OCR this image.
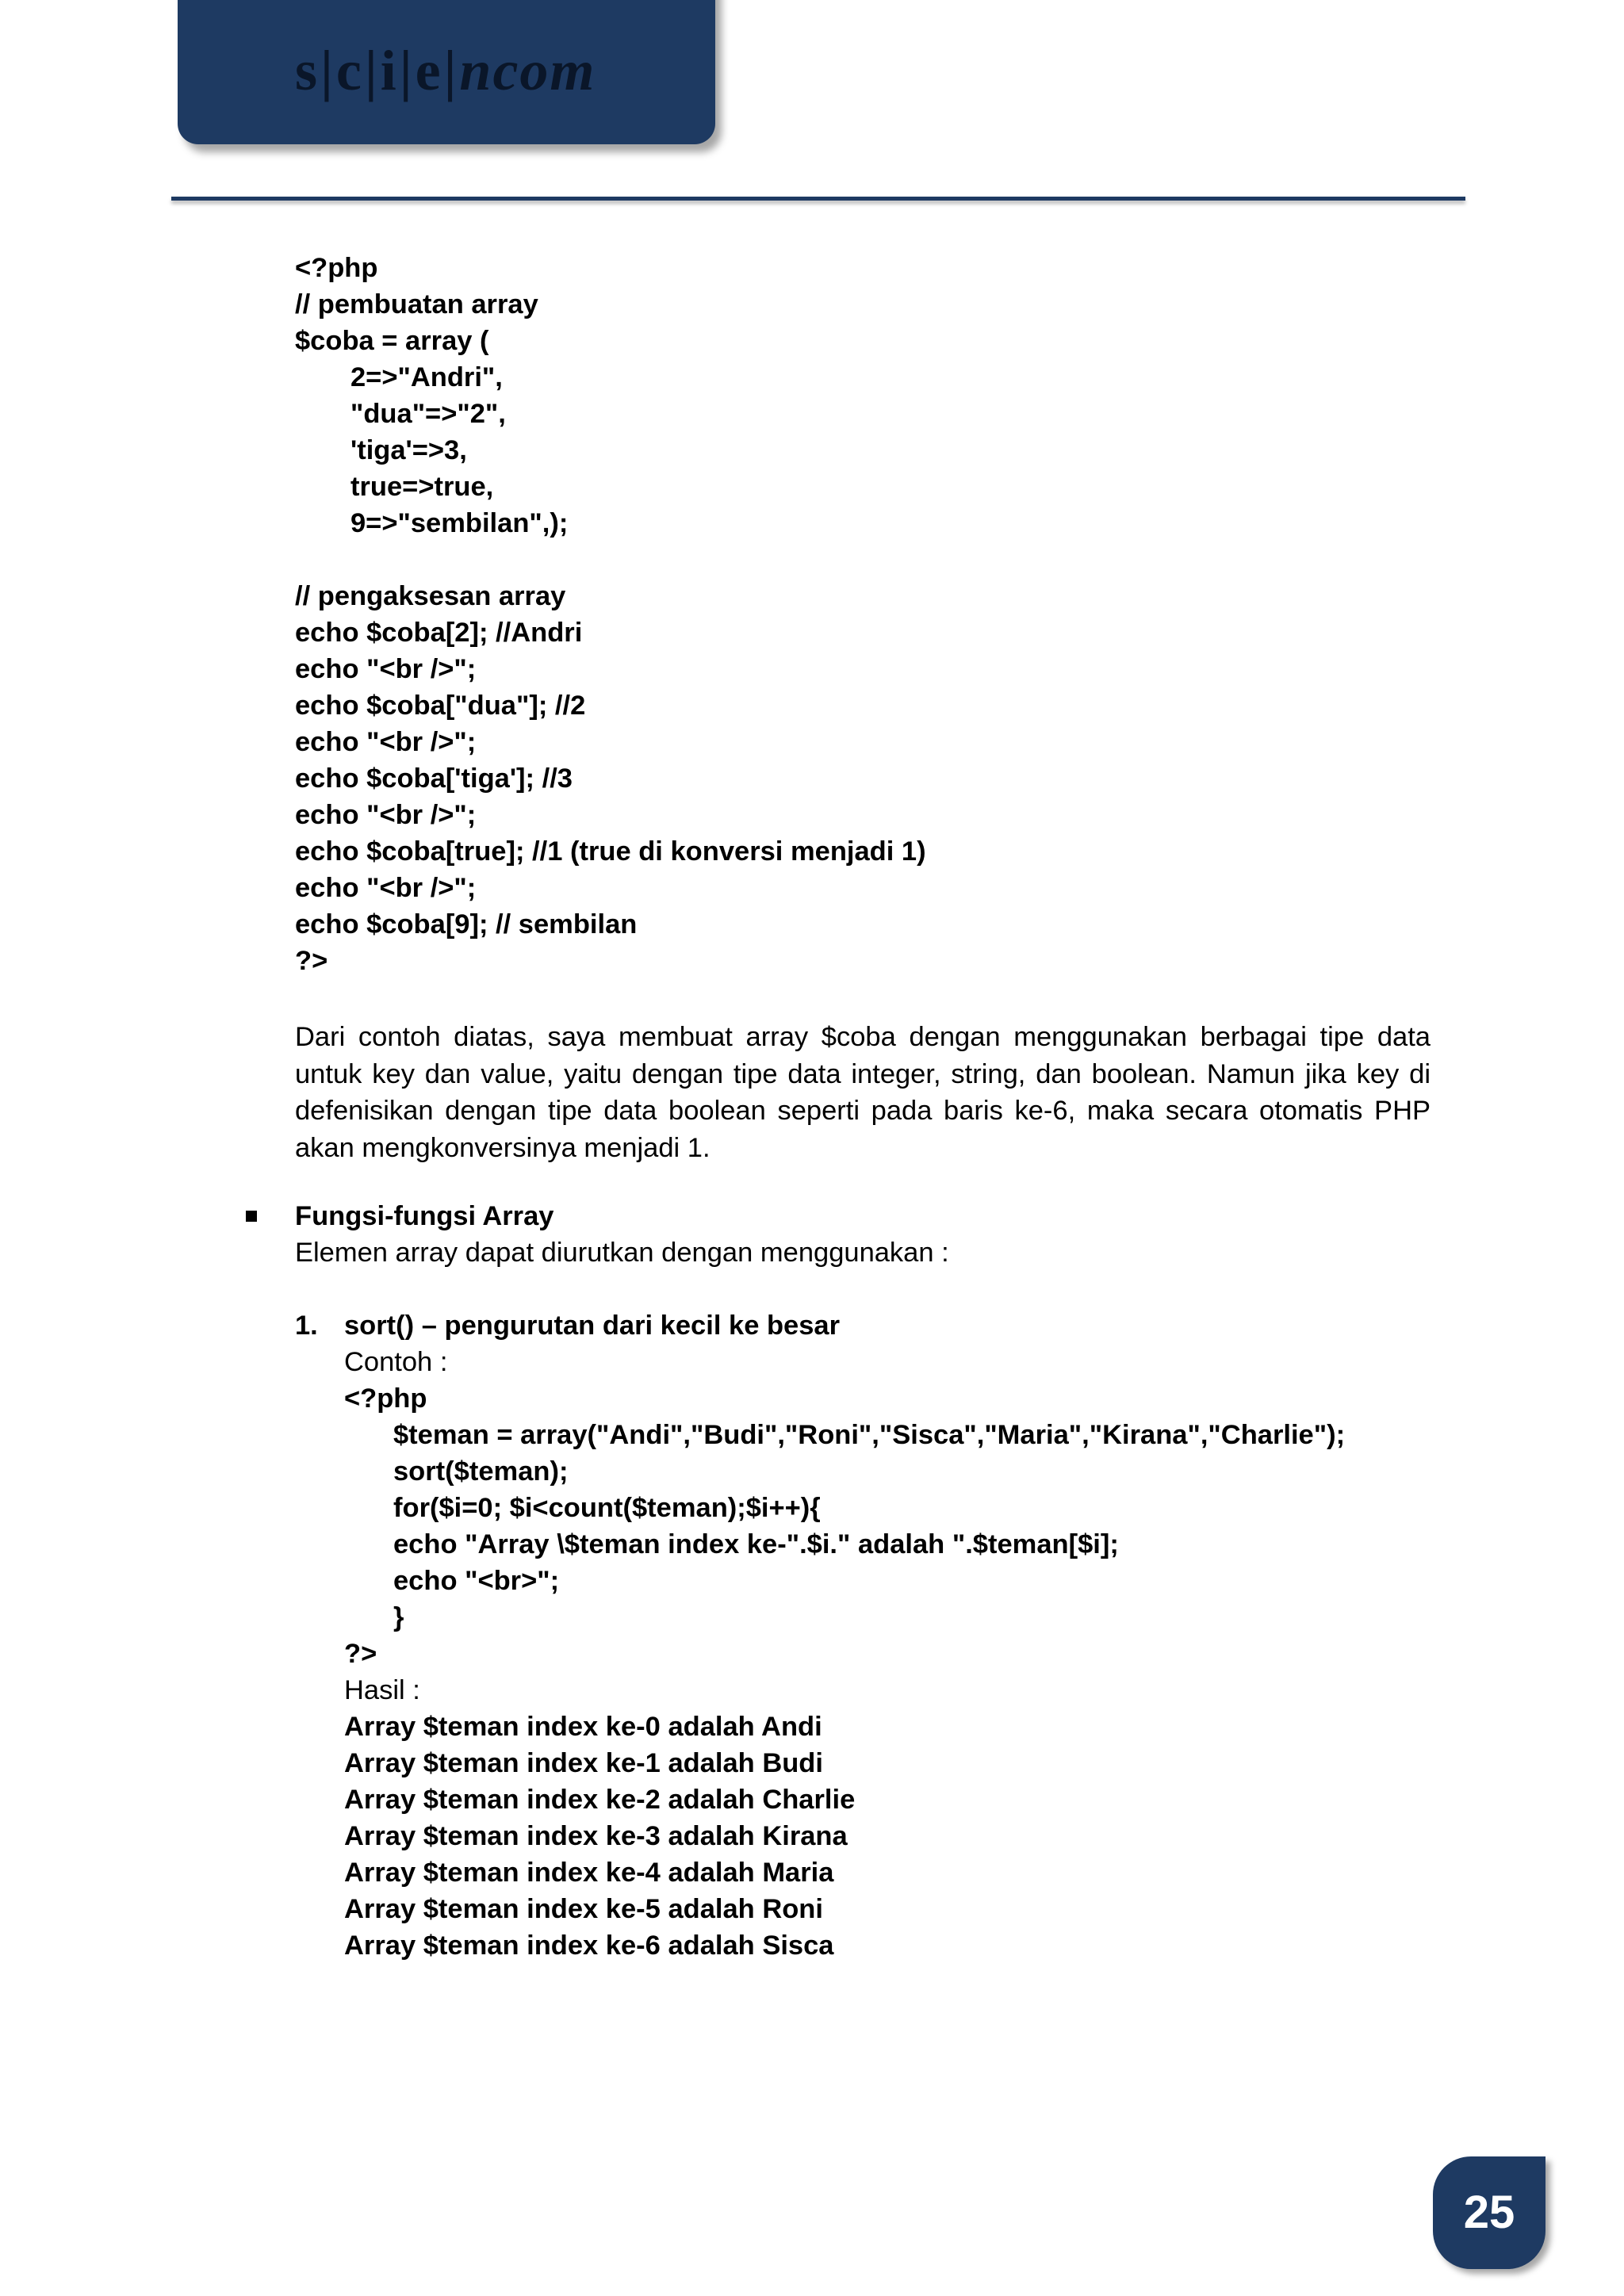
s|c|i|e|ncom

<?php

// pembuatan array

$coba = array (

2=>"Andri",

"dua"=>"2",

'tiga'=>3,

true=>true,

9=>"sembilan",);

// pengaksesan array

echo $coba[2]; //Andri

echo "<br />";

echo $coba["dua"]; //2

echo "<br />";

echo $coba['tiga']; //3

echo "<br />";

echo $coba[true]; //1 (true di konversi menjadi 1)

echo "<br />";

echo $coba[9]; // sembilan

?>

Dari contoh diatas, saya membuat array $coba dengan menggunakan berbagai tipe data untuk key dan value, yaitu dengan tipe data integer, string, dan boolean. Namun jika key di defenisikan dengan tipe data boolean seperti pada baris ke-6, maka secara otomatis PHP akan mengkonversinya menjadi 1.

Fungsi-fungsi Array

Elemen array dapat diurutkan dengan menggunakan :

1. sort() – pengurutan dari kecil ke besar

Contoh :

<?php

$teman = array("Andi","Budi","Roni","Sisca","Maria","Kirana","Charlie");

sort($teman);

for($i=0; $i<count($teman);$i++){

echo "Array \$teman index ke-".$i." adalah ".$teman[$i];

echo "<br>";

}

?>

Hasil :

Array $teman index ke-0 adalah Andi

Array $teman index ke-1 adalah Budi

Array $teman index ke-2 adalah Charlie

Array $teman index ke-3 adalah Kirana

Array $teman index ke-4 adalah Maria

Array $teman index ke-5 adalah Roni

Array $teman index ke-6 adalah Sisca

25
